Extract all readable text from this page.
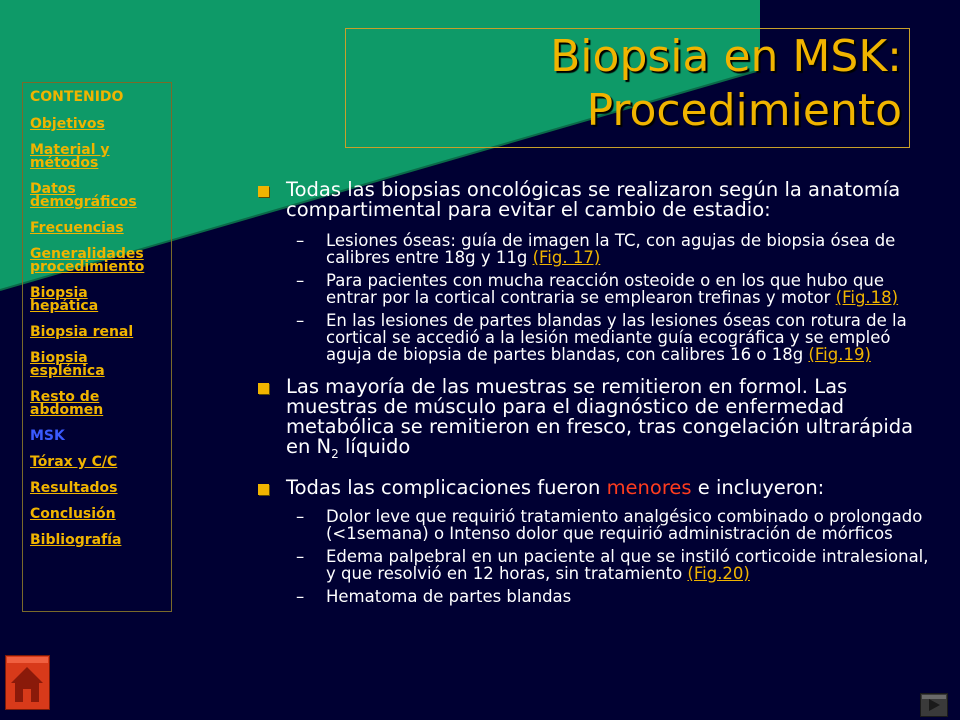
Biopsia en MSK:
Procedimiento
CONTENIDO
Objetivos
Material y métodos
Datos demográficos
Frecuencias
Generalidades procedimiento
Biopsia hepática
Biopsia renal
Biopsia esplénica
Resto de abdomen
MSK
Tórax y C/C
Resultados
Conclusión
Bibliografía
Todas las biopsias oncológicas se realizaron según la anatomía compartimental para evitar el cambio de estadio:
– Lesiones óseas: guía de imagen la TC, con agujas de biopsia ósea de calibres entre 18g y 11g (Fig. 17)
– Para pacientes con mucha reacción osteoide o en los que hubo que entrar por la cortical contraria se emplearon trefinas y motor (Fig.18)
– En las lesiones de partes blandas y las lesiones óseas con rotura de la cortical se accedió a la lesión mediante guía ecográfica y se empleó aguja de biopsia de partes blandas, con calibres 16 o 18g (Fig.19)
Las mayoría de las muestras se remitieron en formol. Las muestras de músculo para el diagnóstico de enfermedad metabólica se remitieron en fresco, tras congelación ultrarápida en $N_2$ líquido
Todas las complicaciones fueron menores e incluyeron:
– Dolor leve que requirió tratamiento analgésico combinado o prolongado (<1semana) o Intenso dolor que requirió administración de mórficos
– Edema palpebral en un paciente al que se instiló corticoide intralesional, y que resolvió en 12 horas, sin tratamiento (Fig.20)
– Hematoma de partes blandas
